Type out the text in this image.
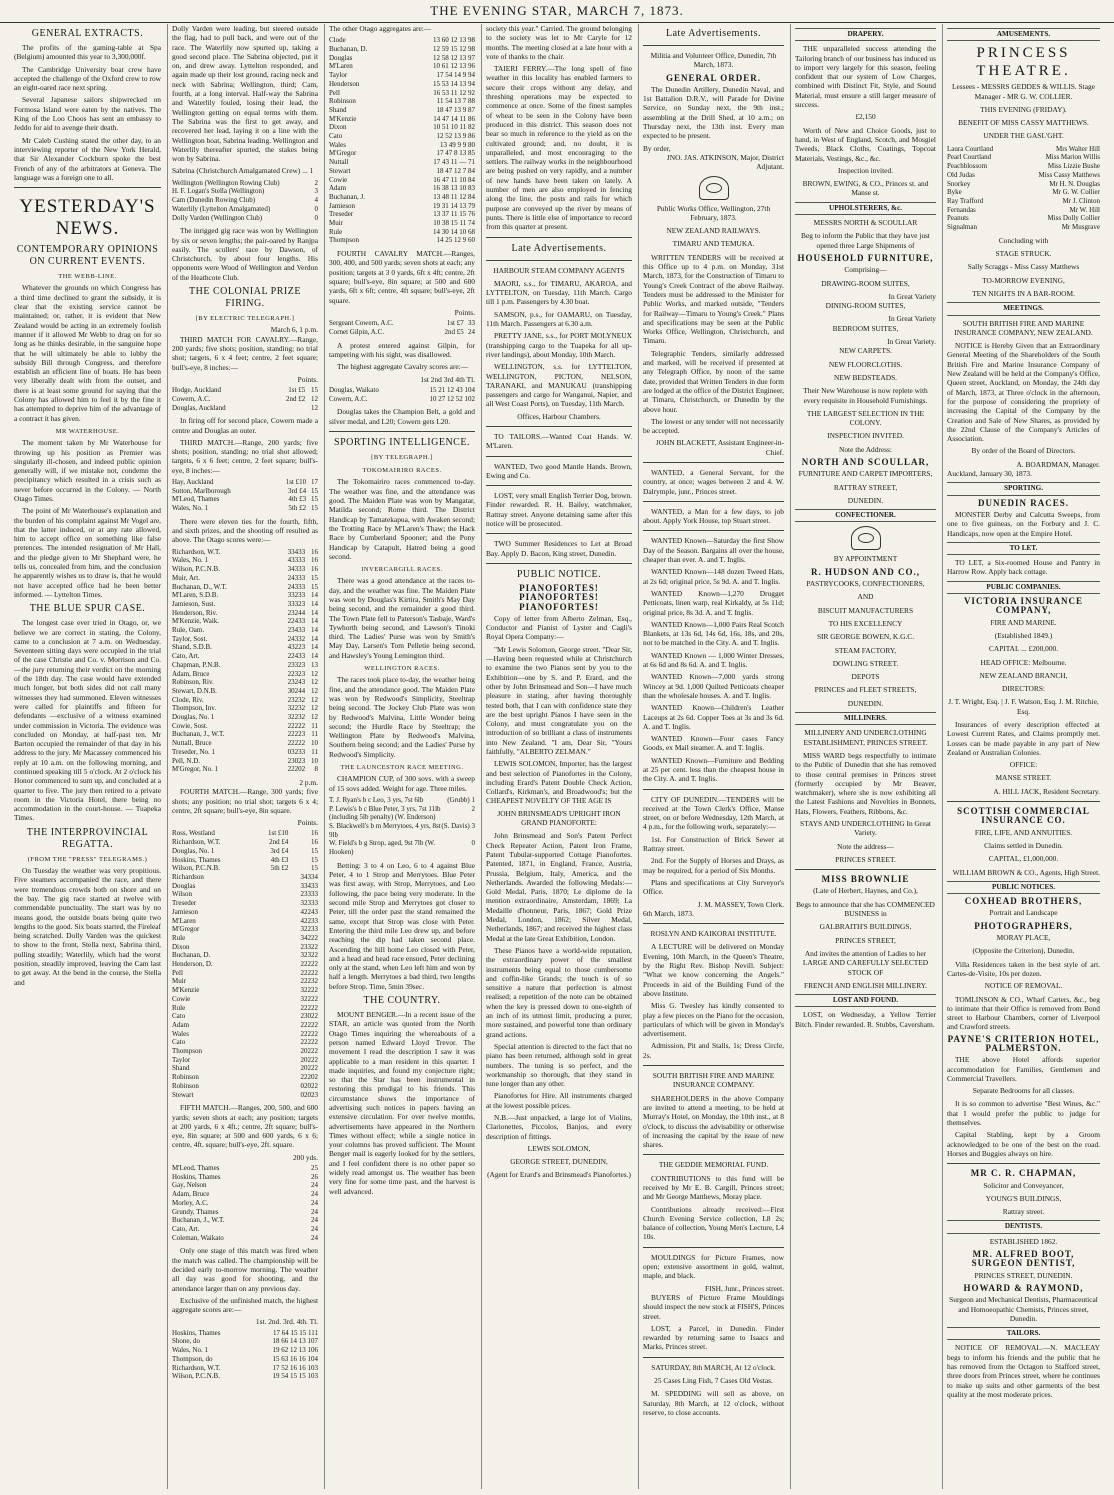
THE EVENING STAR, MARCH 7, 1873.
GENERAL EXTRACTS.

The profits of the gaming-table at Spa (Belgium) amounted this year to 3,300,000f.

The Cambridge University boat crew have accepted the challenge of the Oxford crew to row an eight-oared race next spring.

Several Japanese sailors shipwrecked on Formosa Island were eaten by the natives. The King of the Loo Choos has sent an embassy to Jeddo for aid to avenge their death.

Mr Caleb Cushing stated the other day, to an interviewing reporter of the New York Herald, that Sir Alexander Cockburn spoke the best French of any of the arbitrators at Geneva. The language was a foreign one to all.

YESTERDAY'S NEWS.
CONTEMPORARY OPINIONS ON CURRENT EVENTS.
THE WEBB-LINE.

Whatever the grounds on which Congress has a third time declined to grant the subsidy, it is clear that the existing service cannot be maintained; or, rather, it is evident that New Zealand would be acting in an extremely foolish manner if it allowed Mr Webb to drag on for so long as he thinks desirable, in the sanguine hope that he will ultimately be able to lobby the subsidy Bill through Congress, and therefore establish an efficient line of boats. He has been very liberally dealt with from the outset, and there is at least some ground for saying that the Colony has allowed him to feel it by the fine it has attempted to deprive him of the advantage of a contract it has given.

MR WATERHOUSE.

The moment taken by Mr Waterhouse for throwing up his position as Premier was singularly ill-chosen, and indeed public opinion generally will, if we mistake not, condemn the precipitancy which resulted in a crisis such as never before occurred in the Colony. — North Otago Times.

The point of Mr Waterhouse's explanation and the burden of his complaint against Mr Vogel are, that the latter induced, or at any rate allowed, him to accept office on something like false pretences. The intended resignation of Mr Hall, and the pledge given to Mr Shephard were, he tells us, concealed from him, and the conclusion he apparently wishes us to draw is, that he would not have accepted office had he been better informed. — Lyttelton Times.

THE BLUE SPUR CASE.

The longest case ever tried in Otago, or, we believe we are correct in stating, the Colony, came to a conclusion at 7 a.m. on Wednesday. Seventeen sitting days were occupied in the trial of the case Christie and Co. v. Morrison and Co.—the jury returning their verdict on the morning of the 18th day. The case would have extended much longer, but both sides did not call many witnesses they had summoned. Eleven witnesses were called for plaintiffs and fifteen for defendants —exclusive of a witness examined under commission in Victoria. The evidence was concluded on Monday, at half-past ten. Mr Barton occupied the remainder of that day in his address to the jury. Mr Macassey commenced his reply at 10 a.m. on the following morning, and continued speaking till 5 o'clock. At 2 o'clock his Honor commenced to sum up, and concluded at a quarter to five. The jury then retired to a private room in the Victoria Hotel, there being no accommodation in the court-house. — Tuapeka Times.

THE INTERPROVINCIAL REGATTA.
(FROM THE "PRESS" TELEGRAMS.)

On Tuesday the weather was very propitious. Five steamers accompanied the race, and there were tremendous crowds both on shore and on the bay. The gig race started at twelve with commendable punctuality. The start was by no means good, the outside boats being quite two lengths to the good. Six boats started, the Fireleaf being scratched. Dolly Varden was the quickest to show to the front, Stella next, Sabrina third, pulling steadily; Waterlily, which had the worst position, steadily improved, leaving the Cam last to get away. At the bend in the course, the Stella and

Dolly Varden were leading, but steered outside the flag, had to pull back, and were out of the race. The Waterlily now spurted up, taking a good second place. The Sabrina objected, put it on, and drew away. Lyttelton responded, and again made up their lost ground, racing neck and neck with Sabrina; Wellington, third; Cam, fourth, at a long interval. Half-way the Sabrina and Waterlily fouled, losing their lead, the Wellington getting on equal terms with them. The Sabrina was the first to get away, and recovered her lead, laying it on a line with the Wellington boat, Sabrina leading. Wellington and Waterlily thereafter spurted, the stakes being won by Sabrina.

Sabrina (Christchurch Amalgamated Crew) ... 1

Wellington (Wellington Rowing Club)	2
H. F. Logan's Stella (Wellington)	3
Cam (Dunedin Rowing Club)	4
Waterlily (Lyttelton Amalgamated)	0
Dolly Varden (Wellington Club)	0

The inrigged gig race was won by Wellington by six or seven lengths; the pair-oared by Ranjpa easily. The scullers' race by Dawson, of Christchurch, by about four lengths. His opponents were Wood of Wellington and Verdon of the Heathcote Club.

THE COLONIAL PRIZE FIRING.
[BY ELECTRIC TELEGRAPH.]
March 6, 1 p.m.

THIRD MATCH FOR CAVALRY.—Range, 200 yards; five shots; position, standing; no trial shot; targets, 6 x 4 feet; centre, 2 feet square; bull's-eye, 8 inches:—

Points.
Hodge, Auckland	1st £5	15
Cowern, A.C.	2nd £2	12
Douglas, Auckland		12

In firing off for second place, Cowern made a centre and Douglas an outer.

THIRD MATCH.—Range, 200 yards; five shots; position, standing; no trial shot allowed; targets, 6 x 6 feet; centre, 2 feet square; bull's-eye, 8 inches:—

Hay, Auckland	1st £10	17
Sutton, Marlborough	3rd £4	15
M'Leod, Thames	4th £3	15
Wales, No. 1	5th £2	15

There were eleven ties for the fourth, fifth, and sixth prizes, and the shooting off resulted as above. The Otago scores were:—

Richardson, W.T.	33433	16
Wales, No. 1	43333	16
Wilson, P.C.N.B.	34333	16
Muir, Art.	24333	15
Buchanan, D., W.T.	24333	15
M'Laren, S.D.B.	33233	14
Jamieson, Sust.	33323	14
Henderson, Riv.	23244	14
M'Kenzie, Waik.	22433	14
Rule, Oam.	23433	14
Taylor, Sost.	24332	14
Shand, S.D.B.	43223	14
Cato, Art.	22433	14
Chapman, P.N.B.	23323	13
Adam, Bruce	22323	12
Robinson, Riv.	23243	12
Stewart, D.N.B.	30244	12
Clode, Riv.	23232	12
Thompson, Inv.	32232	12
Douglas, No. 1	32232	12
Cowie, Sost.	22222	11
Buchanan, J., W.T.	22223	11
Nuttall, Bruce	22222	10
Treseder, No. 1	03233	11
Pell, N.D.	23023	10
M'Gregor, No. 1	22202	8
2 p.m.

FOURTH MATCH.—Range, 300 yards; five shots; any position; no trial shot; targets 6 x 4; centre, 2ft square; bull's-eye, 8in square.

Points.
Ross, Westland	1st £10	16
Richardson, W.T.	2nd £4	16
Douglas, No. 1	3rd £4	15
Hoskins, Thames	4th £3	15
Wilson, P.C.N.B.	5th £2	15
Richardson		34334
Douglas		33433
Wilson		23333
Treseder		32333
Jamieson		42243
M'Laren		42233
M'Gregor		32233
Rule		34222
Dixon		23322
Buchanan, D.		32322
Henderson, D.		22222
Pell		22222
Muir		22232
M'Kenzie		32222
Cowie		32222
Rule		22222
Cato		23022
Adam		22222
Wales		22222
Cato		22222
Thompson		20222
Taylor		20222
Shand		20222
Robinson		22202
Robinson		02022
Stewart		02023

FIFTH MATCH.—Ranges, 200, 500, and 600 yards; seven shots at each; any position; targets at 200 yards, 6 x 4ft.; centre, 2ft square; bull's-eye, 8in square; at 500 and 600 yards, 6 x 6; centre, 4ft. square; bull's-eye, 2ft. square.

200 yds.
M'Leod, Thames	25
Hoskins, Thames	26
Gay, Nelson	24
Adam, Bruce	24
Morley, A.C.	24
Grundy, Thames	24
Buchanan, J., W.T.	24
Cato, Art.	24
Coleman, Waikato	24

Only one stage of this match was fired when the match was called. The championship will be decided early to-morrow morning. The weather all day was good for shooting, and the attendance larger than on any previous day.

Exclusive of the unfinished match, the highest aggregate scores are:—

1st. 2nd. 3rd. 4th. Tl.
Hoskins, Thames	17 64 15 15 111
Shone, do	18 66 14 13 107
Wales, No. 1	19 62 12 13 106
Thompson, do	15 63 16 16 104
Richardson, W.T.	17 52 16 16 103
Wilson, P.C.N.B.	19 54 15 15 103

The other Otago aggregates are:—

Clode	13 60 12 13 98
Buchanan, D.	12 59 15 12 98
Douglas	12 58 12 13 97
M'Laren	10 61 12 13 96
Taylor	17 54 14 9 94
Henderson	15 53 14 13 94
Pell	16 53 11 12 92
Robinson	11 54 13 7 88
Shand	18 47 13 9 87
M'Kenzie	14 47 14 11 86
Dixon	10 51 10 11 82
Cato	12 52 13 9 86
Wales	13 49 9 9 80
M'Gregor	17 47 8 13 85
Nuttall	17 43 11 — 71
Stewart	18 47 12 7 84
Cowie	16 47 11 10 84
Adam	16 38 13 10 83
Buchanan, J.	13 48 11 12 84
Jamieson	19 31 14 13 79
Treseder	13 37 11 15 76
Muir	10 38 15 11 74
Rule	14 30 14 10 68
Thompson	14 25 12 9 60

FOURTH CAVALRY MATCH.—Ranges, 300, 400, and 500 yards; seven shots at each; any position; targets at 3 0 yards, 6ft x 4ft; centre, 2ft square; bull's-eye, 8in square; at 500 and 600 yards, 6ft x 6ft; centre, 4ft square; bull's-eye, 2ft square.

Points.
Sergeant Cowern, A.C.	1st £7	33
Cornet Gilpin, A.C.	2nd £5	24

A protest entered against Gilpin, for tampering with his sight, was disallowed.

The highest aggregate Cavalry scores are:—

1st 2nd 3rd 4th Tl.
Douglas, Waikato	15 21 12 43 104
Cowern, A.C.	10 27 12 52 102

Douglas takes the Champion Belt, a gold and silver medal, and L20; Cowern gets L20.

SPORTING INTELLIGENCE.
[BY TELEGRAPH.]
TOKOMAIRIRO RACES.

The Tokomairiro races commenced to-day. The weather was fine, and the attendance was good. The Maiden Plate was won by Mangatar, Matilda second; Rome third. The District Handicap by Tamatekapua, with Awaken second; the Trotting Race by M'Laren's Thaw; the Hack Race by Cumberland Spooner; and the Pony Handicap by Catapult, Hatred being a good second.

INVERCARGILL RACES.

There was a good attendance at the races to-day, and the weather was fine. The Maiden Plate was won by Douglas's Kirtira, Smith's May Day being second, and the remainder a good third. The Town Plate fell to Paterson's Tasbaje, Ward's Tywhorth being second, and Lawson's Tinoki third. The Ladies' Purse was won by Smith's May Day, Larsen's Tom Pelletie being second, and Hawsley's Young Lemington third.

WELLINGTON RACES.

The races took place to-day, the weather being fine, and the attendance good. The Maiden Plate was won by Redwood's Simplicity, Steeltrap being second. The Jockey Club Plate was won by Redwood's Malvina, Little Wonder being second; the Hurdle Race by Steeltrap; the Wellington Plate by Redwood's Malvina, Southern being second; and the Ladies' Purse by Redwood's Simplicity.

THE LAUNCESTON RACE MEETING.

CHAMPION CUP, of 300 sovs. with a sweep of 15 sovs added. Weight for age. Three miles.

T. J. Ryan's b c Leo, 3 yrs, 7st 6lb	(Grubb) 1
P. Lewis's b c Blue Peter, 3 yrs, 7st 11lb (including 5lb penalty) (W. Enderson)	2
S. Blackwell's b m Merrytoes, 4 yrs, 8st 9lb	(S. Davis) 3
W. Field's b g Strop, aged, 9st 7lb (W. Hooken)	0

Betting: 3 to 4 on Leo, 6 to 4 against Blue Peter, 4 to 1 Strop and Merrytoes. Blue Peter was first away, with Strop, Merrytoes, and Leo following, the pace being very moderate. In the second mile Strop and Merrytoes got closer to Peter, till the order past the stand remained the same, except that Strop was close with Peter. Entering the third mile Leo drew up, and before reaching the dip had taken second place. Ascending the hill home Leo closed with Peter, and a head and head race ensued, Peter declining only at the stand, when Leo left him and won by half a length. Merrytoes a bad third, two lengths before Strop. Time, 5min 39sec.

THE COUNTRY.

MOUNT BENGER.—In a recent issue of the STAR, an article was quoted from the North Otago Times inquiring the whereabouts of a person named Edward Lloyd Trevor. The movement I read the description I saw it was applicable to a man resident in this quarter. I made inquiries, and found my conjecture right; so that the Star has been instrumental in restoring this prodigal to his friends. This circumstance shows the importance of advertising such notices in papers having an extensive circulation. For over twelve months, advertisements have appeared in the Northern Times without effect; while a single notice in your columns has proved sufficient. The Mount Benger mail is eagerly looked for by the settlers, and I feel confident there is no other paper so widely read amongst us. The weather has been very fine for some time past, and the harvest is well advanced.

society this year." Carried. The ground belonging to the society was let to Mr Caryle for 12 months. The meeting closed at a late hour with a vote of thanks to the chair.

TAIERI FERRY.—The long spell of fine weather in this locality has enabled farmers to secure their crops without any delay, and threshing operations may be expected to commence at once. Some of the finest samples of wheat to be seen in the Colony have been produced in this district. This season does not bear so much in reference to the yield as on the cultivated ground; and, no doubt, it is unparalleled, and most encouraging to the settlers. The railway works in the neighbourhood are being pushed on very rapidly, and a number of new hands have been taken on lately. A number of men are also employed in fencing along the line, the posts and rails for which purpose are conveyed up the river by means of punts. There is little else of importance to record from this quarter at present.

Late Advertisements.
HARBOUR STEAM COMPANY AGENTS

MAORI, s.s., for TIMARU, AKAROA, and LYTTELTON, on Tuesday, 11th March. Cargo till 1 p.m. Passengers by 4.30 boat.

SAMSON, p.s., for OAMARU, on Tuesday, 11th March. Passengers at 6.30 a.m.

PRETTY JANE, s.s., for PORT MOLYNEUX (transhipping cargo to the Tuapeka for all up-river landings), about Monday, 10th March.

WELLINGTON, s.s. for LYTTELTON, WELLINGTON, PICTON, NELSON, TARANAKI, and MANUKAU (transhipping passengers and cargo for Wanganui, Napier, and all West Coast Ports), on Tuesday, 11th March.

Offices, Harbour Chambers.

TO TAILORS.—Wanted Coat Hands. W. M'Laren.

WANTED, Two good Mantle Hands. Brown, Ewing and Co.

LOST, very small English Terrier Dog, brown. Finder rewarded. R. H. Bailey, watchmaker, Rattray street. Anyone detaining same after this notice will be prosecuted.

TWO Summer Residences to Let at Broad Bay. Apply D. Bacon, King street, Dunedin.

PUBLIC NOTICE.
PIANOFORTES! PIANOFORTES! PIANOFORTES!

Copy of letter from Alberto Zelman, Esq., Conductor and Pianist of Lyster and Cagli's Royal Opera Company:—

"Mr Lewis Solomon, George street. "Dear Sir,—Having been requested while at Christchurch to examine the two Pianos sent by you to the Exhibition—one by S. and P. Erard, and the other by John Brinsmead and Son—I have much pleasure in stating, after having thoroughly tested both, that I can with confidence state they are the best upright Pianos I have seen in the Colony, and must congratulate you on the introduction of so brilliant a class of instruments into New Zealand. "I am, Dear Sir, "Yours faithfully, "ALBERTO ZELMAN."

LEWIS SOLOMON, Importer, has the largest and best selection of Pianofortes in the Colony, including Erard's Patent Double Check Action, Collard's, Kirkman's, and Broadwood's; but the CHEAPEST NOVELTY OF THE AGE IS

JOHN BRINSMEAD'S UPRIGHT IRON GRAND PIANOFORTE:

John Brinsmead and Son's Patent Perfect Check Repeater Action, Patent Iron Frame, Patent Tubular-supported Cottage Pianofortes. Patented, 1871, in England, France, Austria, Prussia, Belgium, Italy, America, and the Netherlands. Awarded the following Medals:—Gold Medal, Paris, 1870; Le diplome de la mention extraordinaire, Amsterdam, 1869; La Medaille d'honneur, Paris, 1867; Gold Prize Medal, London, 1862; Silver Medal, Netherlands, 1867; and received the highest class Medal at the late Great Exhibition, London.

These Pianos have a world-wide reputation, the extraordinary power of the smallest instruments being equal to those cumbersome and coffin-like Grands; the touch is of so sensitive a nature that perfection is almost realised; a repetition of the note can be obtained when the key is pressed down to one-eighth of an inch of its utmost limit, producing a purer, more sustained, and powerful tone than ordinary grand actions.

Special attention is directed to the fact that no piano has been returned, although sold in great numbers. The tuning is so perfect, and the workmanship so thorough, that they stand in tune longer than any other.

Pianofortes for Hire. All instruments charged at the lowest possible prices.

N.B.—Just unpacked, a large lot of Violins, Clarionettes, Piccolos, Banjos, and every description of fittings.

LEWIS SOLOMON,
GEORGE STREET, DUNEDIN,
(Agent for Erard's and Brinsmead's Pianofortes.)
Late Advertisements.
Militia and Volunteer Office, Dunedin, 7th March, 1873.
GENERAL ORDER.

The Dunedin Artillery, Dunedin Naval, and 1st Battalion D.R.V., will Parade for Divine Service, on Sunday next, the 9th inst.; assembling at the Drill Shed, at 10 a.m.; on Thursday next, the 13th inst. Every man expected to be present.

By order,
JNO. JAS. ATKINSON, Major, District Adjutant.
Public Works Office, Wellington, 27th February, 1873.
NEW ZEALAND RAILWAYS.
TIMARU AND TEMUKA.

WRITTEN TENDERS will be received at this Office up to 4 p.m. on Monday, 31st March, 1873, for the Construction of Timaru to Young's Creek Contract of the above Railway. Tenders must be addressed to the Minister for Public Works, and marked outside, "Tenders for Railway—Timaru to Young's Creek." Plans and specifications may be seen at the Public Works Office, Wellington, Christchurch, and Timaru.

Telegraphic Tenders, similarly addressed and marked, will be received if presented at any Telegraph Office, by noon of the same date, provided that Written Tenders in due form are lodged at the office of the District Engineer, at Timaru, Christchurch, or Dunedin by the above hour.

The lowest or any tender will not necessarily be accepted.

JOHN BLACKETT, Assistant Engineer-in-Chief.

WANTED, a General Servant, for the country, at once; wages between 2 and 4. W. Dalrymple, junr., Princes street.

WANTED, a Man for a few days, to job about. Apply York House, top Stuart street.

WANTED Known—Saturday the first Show Day of the Season. Bargains all over the house, cheaper than ever. A. and T. Inglis.

WANTED Known—148 dozen Tweed Hats, at 2s 6d; original price, 5s 9d. A. and T. Inglis.

WANTED Known—1,270 Drugget Petticoats, linen warp, real Kirkaldy, at 5s 11d; original price, 8s 3d. A. and T. Inglis.

WANTED Known—1,000 Pairs Real Scotch Blankets, at 13s 6d, 14s 6d, 16s, 18s, and 20s, not to be matched in the City. A. and T. Inglis.

WANTED Known — 1,000 Winter Dresses, at 6s 6d and 8s 6d. A. and T. Inglis.

WANTED Known—7,000 yards strong Wincey at 9d. 1,000 Quilted Petticoats cheaper than the wholesale houses. A. and T. Inglis.

WANTED Known—Children's Leather Laceups at 2s 6d. Copper Toes at 3s and 3s 6d. A. and T. Inglis.

WANTED Known—Four cases Fancy Goods, ex Mail steamer. A. and T. Inglis.

WANTED Known—Furniture and Bedding at 25 per cent. less than the cheapest house in the City. A. and T. Inglis.

CITY OF DUNEDIN.—TENDERS will be received at the Town Clerk's Office, Manse street, on or before Wednesday, 12th March, at 4 p.m., for the following work, separately:—

1st. For Construction of Brick Sewer at Rattray street.

2nd. For the Supply of Horses and Drays, as may be required, for a period of Six Months.

Plans and specifications at City Surveyor's Office.

J. M. MASSEY, Town Clerk.
6th March, 1873.
ROSLYN AND KAIKORAI INSTITUTE.

A LECTURE will be delivered on Monday Evening, 10th March, in the Queen's Theatre, by the Right Rev. Bishop Nevill. Subject: "What we know concerning the Angels." Proceeds in aid of the Building Fund of the above Institute.

Miss G. Twesley has kindly consented to play a few pieces on the Piano for the occasion, particulars of which will be given in Monday's advertisement.

Admission, Pit and Stalls, 1s; Dress Circle, 2s.

SOUTH BRITISH FIRE AND MARINE INSURANCE COMPANY.

SHAREHOLDERS in the above Company are invited to attend a meeting, to be held at Murray's Hotel, on Monday, the 10th inst., at 8 o'clock, to discuss the advisability or otherwise of increasing the capital by the issue of new shares.

THE GEDDIE MEMORIAL FUND.

CONTRIBUTIONS to this fund will be received by Mr E. B. Cargill, Princes street; and Mr George Matthews, Moray place.

Contributions already received:—First Church Evening Service collection, L8 2s; balance of collection, Young Men's Lecture, L4 10s.

MOULDINGS for Picture Frames, now open; extensive assortment in gold, walnut, maple, and black.

FISH, Junr., Princes street.

BUYERS of Picture Frame Mouldings should inspect the new stock at FISH'S, Princes street.

LOST, a Parcel, in Dunedin. Finder rewarded by returning same to Isaacs and Marks, Princes street.

SATURDAY, 8th MARCH, At 12 o'clock.
25 Cases Ling Fish, 7 Cases Old Vestas.

M. SPEDDING will sell as above, on Saturday, 8th March, at 12 o'clock, without reserve, to close accounts.

DRAPERY.

THE unparalleled success attending the Tailoring branch of our business has induced us to import very largely for this season, feeling confident that our system of Low Charges, combined with Distinct Fit, Style, and Sound Material, must ensure a still larger measure of success.

£2,150

Worth of New and Choice Goods, just to hand, in West of England, Scotch, and Mosgiel Tweeds, Black Cloths, Coatings, Topcoat Materials, Vestings, &c., &c.

Inspection invited.
BROWN, EWING, & CO., Princes st. and Manse st.
UPHOLSTERERS, &c.
MESSRS NORTH & SCOULLAR
Beg to inform the Public that they have just opened three Large Shipments of
HOUSEHOLD FURNITURE,
Comprising—
DRAWING-ROOM SUITES,
In Great Variety
DINING-ROOM SUITES,
In Great Variety
BEDROOM SUITES,
In Great Variety.
NEW CARPETS.
NEW FLOORCLOTHS.
NEW BEDSTEADS.
Their New Warehouse is now replete with every requisite in Household Furnishings.
THE LARGEST SELECTION IN THE COLONY.
INSPECTION INVITED.
Note the Address:
NORTH AND SCOULLAR,
FURNITURE AND CARPET IMPORTERS,
RATTRAY STREET,
DUNEDIN.
CONFECTIONER.
BY APPOINTMENT
R. HUDSON AND CO.,
PASTRYCOOKS, CONFECTIONERS,
AND
BISCUIT MANUFACTURERS
TO HIS EXCELLENCY
SIR GEORGE BOWEN, K.G.C.
STEAM FACTORY,
DOWLING STREET.
DEPOTS
PRINCES and FLEET STREETS,
DUNEDIN.
MILLINERS.
MILLINERY AND UNDERCLOTHING ESTABLISHMENT, PRINCES STREET.

MISS WARD begs respectfully to intimate to the Public of Dunedin that she has removed to those central premises in Princes street (formerly occupied by Mr Beaver, watchmaker), where she is now exhibiting all the Latest Fashions and Novelties in Bonnets, Hats, Flowers, Feathers, Ribbons, &c.

STAYS AND UNDERCLOTHING In Great Variety.
Note the address—
PRINCES STREET.
MISS BROWNLIE
(Late of Herbert, Haynes, and Co.),
Begs to announce that she has COMMENCED BUSINESS in
GALBRAITH'S BUILDINGS,
PRINCES STREET,
And invites the attention of Ladies to her LARGE AND CAREFULLY SELECTED STOCK OF
FRENCH AND ENGLISH MILLINERY.
LOST AND FOUND.

LOST, on Wednesday, a Yellow Terrier Bitch. Finder rewarded. R. Stubbs, Caversham.

AMUSEMENTS.
PRINCESS THEATRE.
Lessees - MESSRS GEDDES & WILLIS. Stage Manager - MR G. W. COLLIER.
THIS EVENING (FRIDAY).
BENEFIT OF MISS CASSY MATTHEWS.
UNDER THE GASL'GHT.
Laura Courtland	Mrs Walter Hill
Pearl Courtland	Miss Marion Willis
Peachblossom	Miss Lizzie Bushe
Old Judas	Miss Cassy Matthews
Snorkey	Mr H. N. Douglas
Byke	Mr G. W. Collier
Ray Trafford	Mr J. Clinton
Fernandas	Mr W. Hill
Peanuts	Miss Dolly Collier
Signalman	Mr Musgrave
Concluding with
STAGE STRUCK.
Sally Scraggs - Miss Cassy Matthews
TO-MORROW EVENING,
TEN NIGHTS IN A BAR-ROOM.
MEETINGS.
SOUTH BRITISH FIRE AND MARINE INSURANCE COMPANY, NEW ZEALAND.

NOTICE is Hereby Given that an Extraordinary General Meeting of the Shareholders of the South British Fire and Marine Insurance Company of New Zealand will be held at the Company's Office, Queen street, Auckland, on Monday, the 24th day of March, 1873, at Three o'clock in the afternoon, for the purpose of considering the propriety of increasing the Capital of the Company by the Creation and Sale of New Shares, as provided by the 22nd Clause of the Company's Articles of Association.

By order of the Board of Directors.
A. BOARDMAN, Manager.
Auckland, January 30, 1873.
SPORTING.
DUNEDIN RACES.

MONSTER Derby and Calcutta Sweeps, from one to five guineas, on the Forbury and J. C. Handicaps, now open at the Empire Hotel.

TO LET.

TO LET, a Six-roomed House and Pantry in Harrow Row. Apply back cottage.

PUBLIC COMPANIES.
VICTORIA INSURANCE COMPANY,
FIRE AND MARINE.
(Established 1849.)
CAPITAL ... £200,000.
HEAD OFFICE: Melbourne.
NEW ZEALAND BRANCH,
DIRECTORS:
J. T. Wright, Esq. | J. F. Watson, Esq. J. M. Ritchie, Esq.

Insurances of every description effected at Lowest Current Rates, and Claims promptly met. Losses can be made payable in any part of New Zealand or Australian Colonies.

OFFICE:
MANSE STREET.
A. HILL JACK, Resident Secretary.
SCOTTISH COMMERCIAL INSURANCE CO.
FIRE, LIFE, AND ANNUITIES.
Claims settled in Dunedin.
CAPITAL, £1,000,000.
WILLIAM BROWN & CO., Agents, High Street.
PUBLIC NOTICES.
COXHEAD BROTHERS,
Portrait and Landscape
PHOTOGRAPHERS,
MORAY PLACE,
(Opposite the Criterion), Dunedin.

Villa Residences taken in the best style of art. Cartes-de-Visite, 10s per dozen.

NOTICE OF REMOVAL.

TOMLINSON & CO., Wharf Carters, &c., beg to intimate that their Office is removed from Bond street to Harbour Chambers, corner of Liverpool and Crawford streets.

PAYNE'S CRITERION HOTEL, PALMERSTON.

THE above Hotel affords superior accommodation for Families, Gentlemen and Commercial Travellers.

Separate Bedrooms for all classes.

It is so common to advertise "Best Wines, &c." that I would prefer the public to judge for themselves.

Capital Stabling, kept by a Groom acknowledged to be one of the best on the road. Horses and Buggies always on hire.

MR C. R. CHAPMAN,
Solicitor and Conveyancer,
YOUNG'S BUILDINGS,
Rattray street.
DENTISTS.
ESTABLISHED 1862.
MR. ALFRED BOOT, SURGEON DENTIST,
PRINCES STREET, DUNEDIN.
HOWARD & RAYMOND,
Surgeon and Mechanical Dentists, Pharmaceutical and Homoeopathic Chemists, Princes street, Dunedin.
TAILORS.

NOTICE OF REMOVAL.—N. MACLEAY begs to inform his friends and the public that he has removed from the Octagon to Stafford street, three doors from Princes street, where he continues to make up suits and other garments of the best quality at the most moderate prices.
